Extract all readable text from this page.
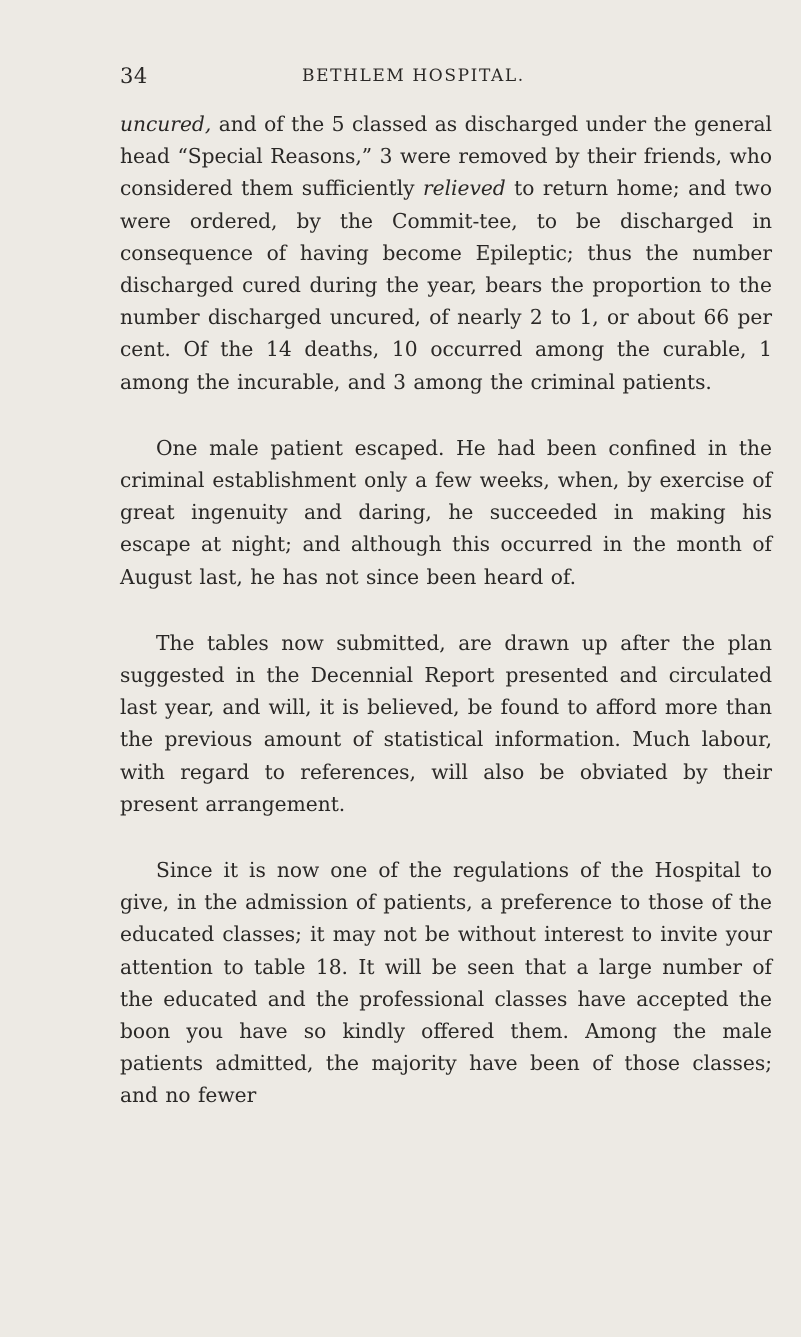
34	BETHLEM HOSPITAL.

uncured, and of the 5 classed as discharged under the general head “Special Reasons,” 3 were removed by their friends, who considered them sufficiently relieved to return home; and two were ordered, by the Commit-tee, to be discharged in consequence of having become Epileptic; thus the number discharged cured during the year, bears the proportion to the number discharged uncured, of nearly 2 to 1, or about 66 per cent. Of the 14 deaths, 10 occurred among the curable, 1 among the incurable, and 3 among the criminal patients.

One male patient escaped. He had been confined in the criminal establishment only a few weeks, when, by exercise of great ingenuity and daring, he succeeded in making his escape at night; and although this occurred in the month of August last, he has not since been heard of.

The tables now submitted, are drawn up after the plan suggested in the Decennial Report presented and circulated last year, and will, it is believed, be found to afford more than the previous amount of statistical information. Much labour, with regard to references, will also be obviated by their present arrangement.

Since it is now one of the regulations of the Hospital to give, in the admission of patients, a preference to those of the educated classes; it may not be without interest to invite your attention to table 18. It will be seen that a large number of the educated and the professional classes have accepted the boon you have so kindly offered them. Among the male patients admitted, the majority have been of those classes; and no fewer
